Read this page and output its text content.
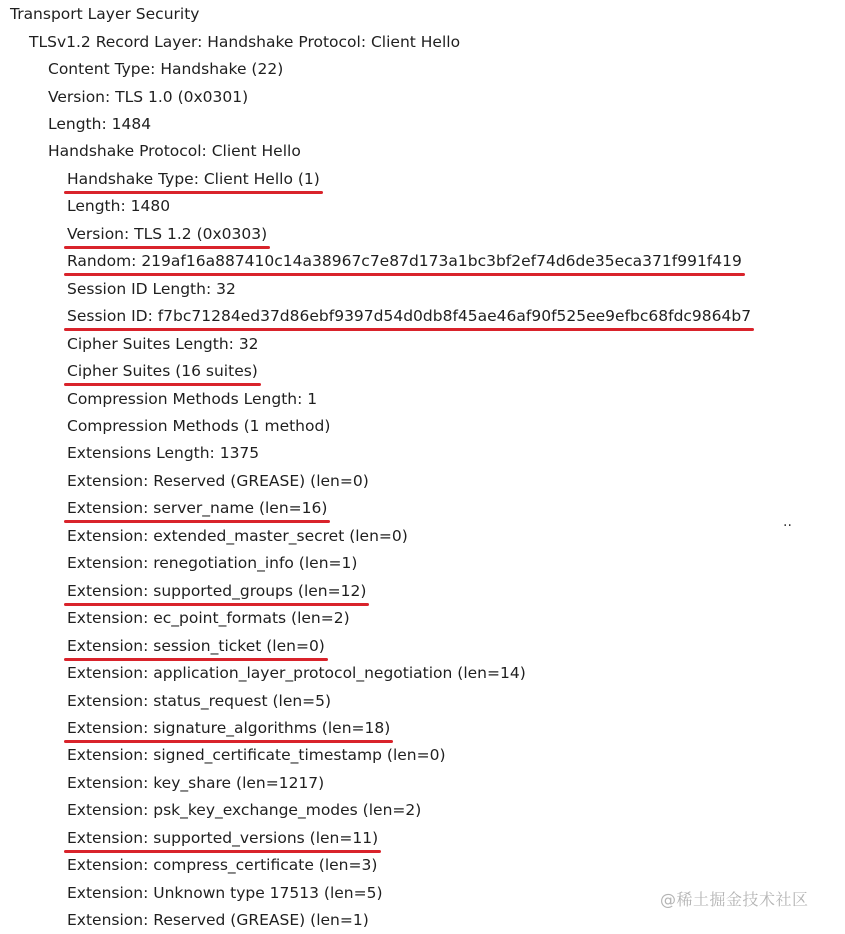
Transport Layer Security
TLSv1.2 Record Layer: Handshake Protocol: Client Hello
Content Type: Handshake (22)
Version: TLS 1.0 (0x0301)
Length: 1484
Handshake Protocol: Client Hello
Handshake Type: Client Hello (1)
Length: 1480
Version: TLS 1.2 (0x0303)
Random: 219af16a887410c14a38967c7e87d173a1bc3bf2ef74d6de35eca371f991f419
Session ID Length: 32
Session ID: f7bc71284ed37d86ebf9397d54d0db8f45ae46af90f525ee9efbc68fdc9864b7
Cipher Suites Length: 32
Cipher Suites (16 suites)
Compression Methods Length: 1
Compression Methods (1 method)
Extensions Length: 1375
Extension: Reserved (GREASE) (len=0)
Extension: server_name (len=16)
Extension: extended_master_secret (len=0)
Extension: renegotiation_info (len=1)
Extension: supported_groups (len=12)
Extension: ec_point_formats (len=2)
Extension: session_ticket (len=0)
Extension: application_layer_protocol_negotiation (len=14)
Extension: status_request (len=5)
Extension: signature_algorithms (len=18)
Extension: signed_certificate_timestamp (len=0)
Extension: key_share (len=1217)
Extension: psk_key_exchange_modes (len=2)
Extension: supported_versions (len=11)
Extension: compress_certificate (len=3)
Extension: Unknown type 17513 (len=5)
Extension: Reserved (GREASE) (len=1)
..
@稀土掘金技术社区
